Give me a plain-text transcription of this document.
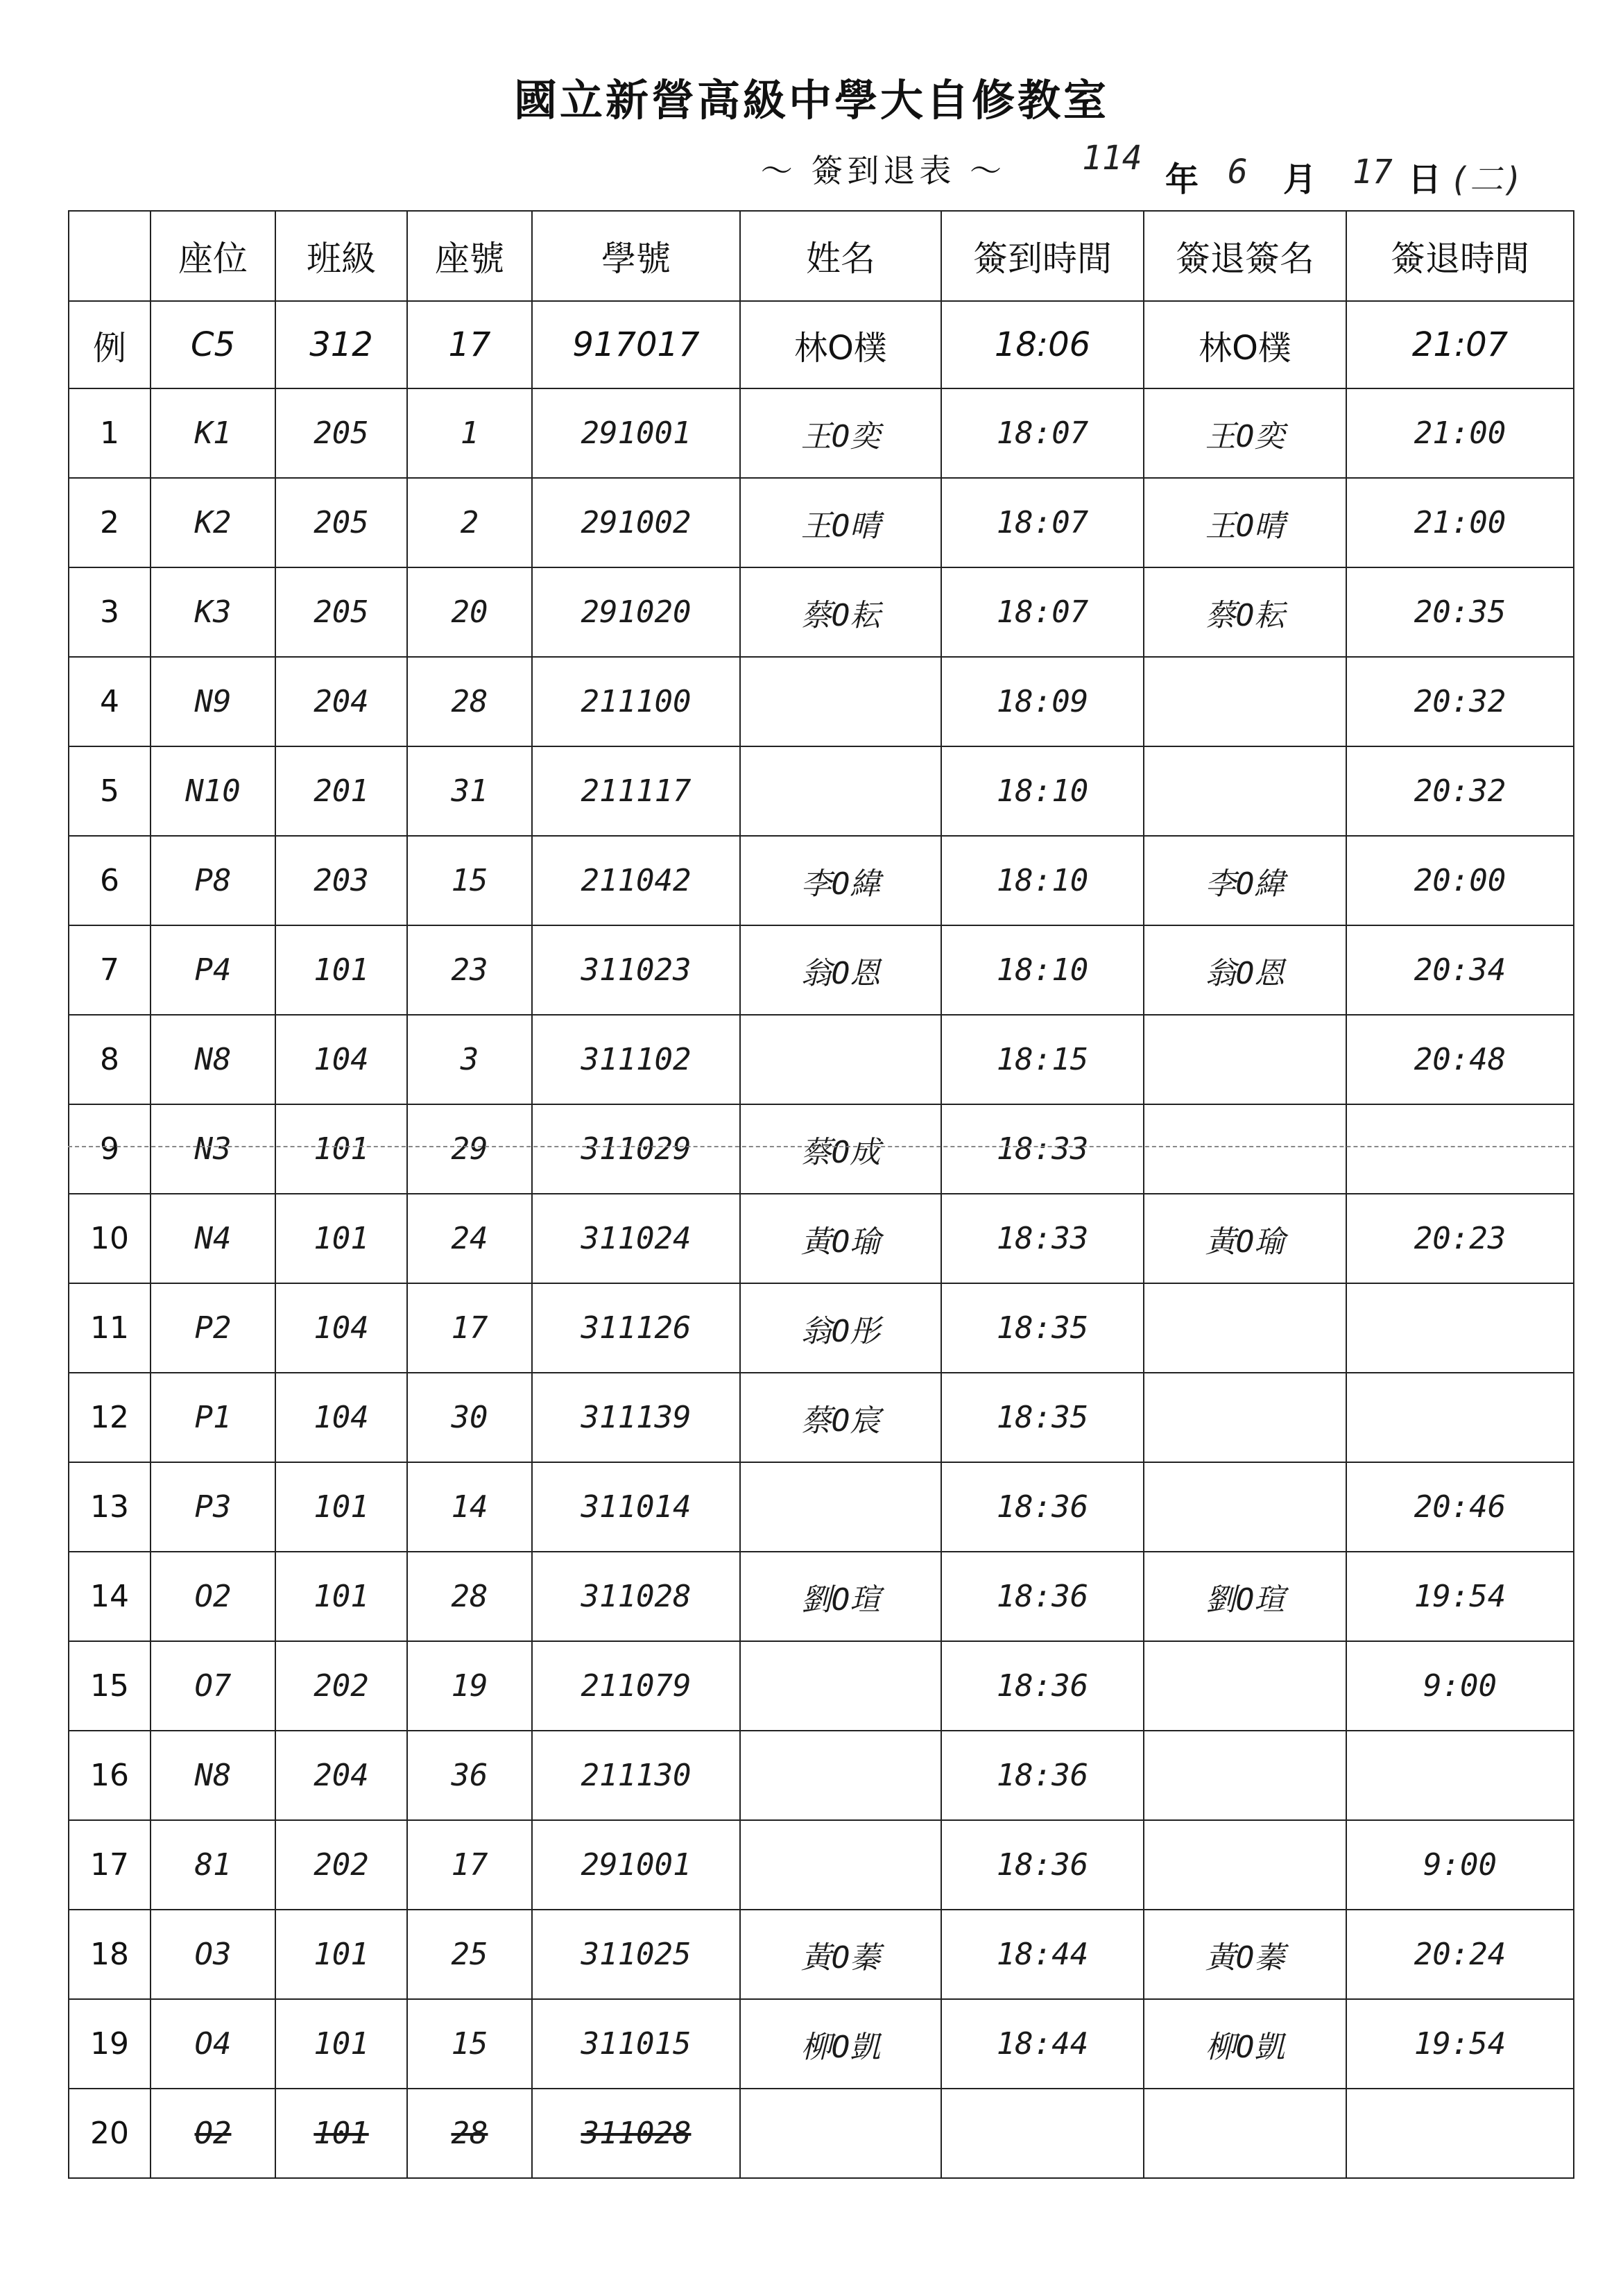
國立新營高級中學大自修教室
～ 簽到退表 ～ 114
年 6 月 17 日 (二)
	座位	班級	座號	學號	姓名	簽到時間	簽退簽名	簽退時間
例	C5	312	17	917017	林O樸	18:06	林O樸	21:07
1	K1	205	1	291001	王O奕	18:07	王O奕	21:00
2	K2	205	2	291002	王O晴	18:07	王O晴	21:00
3	K3	205	20	291020	蔡O耘	18:07	蔡O耘	20:35
4	N9	204	28	211100		18:09		20:32
5	N10	201	31	211117		18:10		20:32
6	P8	203	15	211042	李O緯	18:10	李O緯	20:00
7	P4	101	23	311023	翁O恩	18:10	翁O恩	20:34
8	N8	104	3	311102		18:15		20:48
9	N3	101	29	311029	蔡O成	18:33		
10	N4	101	24	311024	黃O瑜	18:33	黃O瑜	20:23
11	P2	104	17	311126	翁O彤	18:35		
12	P1	104	30	311139	蔡O宸	18:35		
13	P3	101	14	311014		18:36		20:46
14	O2	101	28	311028	劉O瑄	18:36	劉O瑄	19:54
15	O7	202	19	211079		18:36		9:00
16	N8	204	36	211130		18:36		
17	81	202	17	291001		18:36		9:00
18	O3	101	25	311025	黃O蓁	18:44	黃O蓁	20:24
19	O4	101	15	311015	柳O凱	18:44	柳O凱	19:54
20	O2	101	28	311028				
